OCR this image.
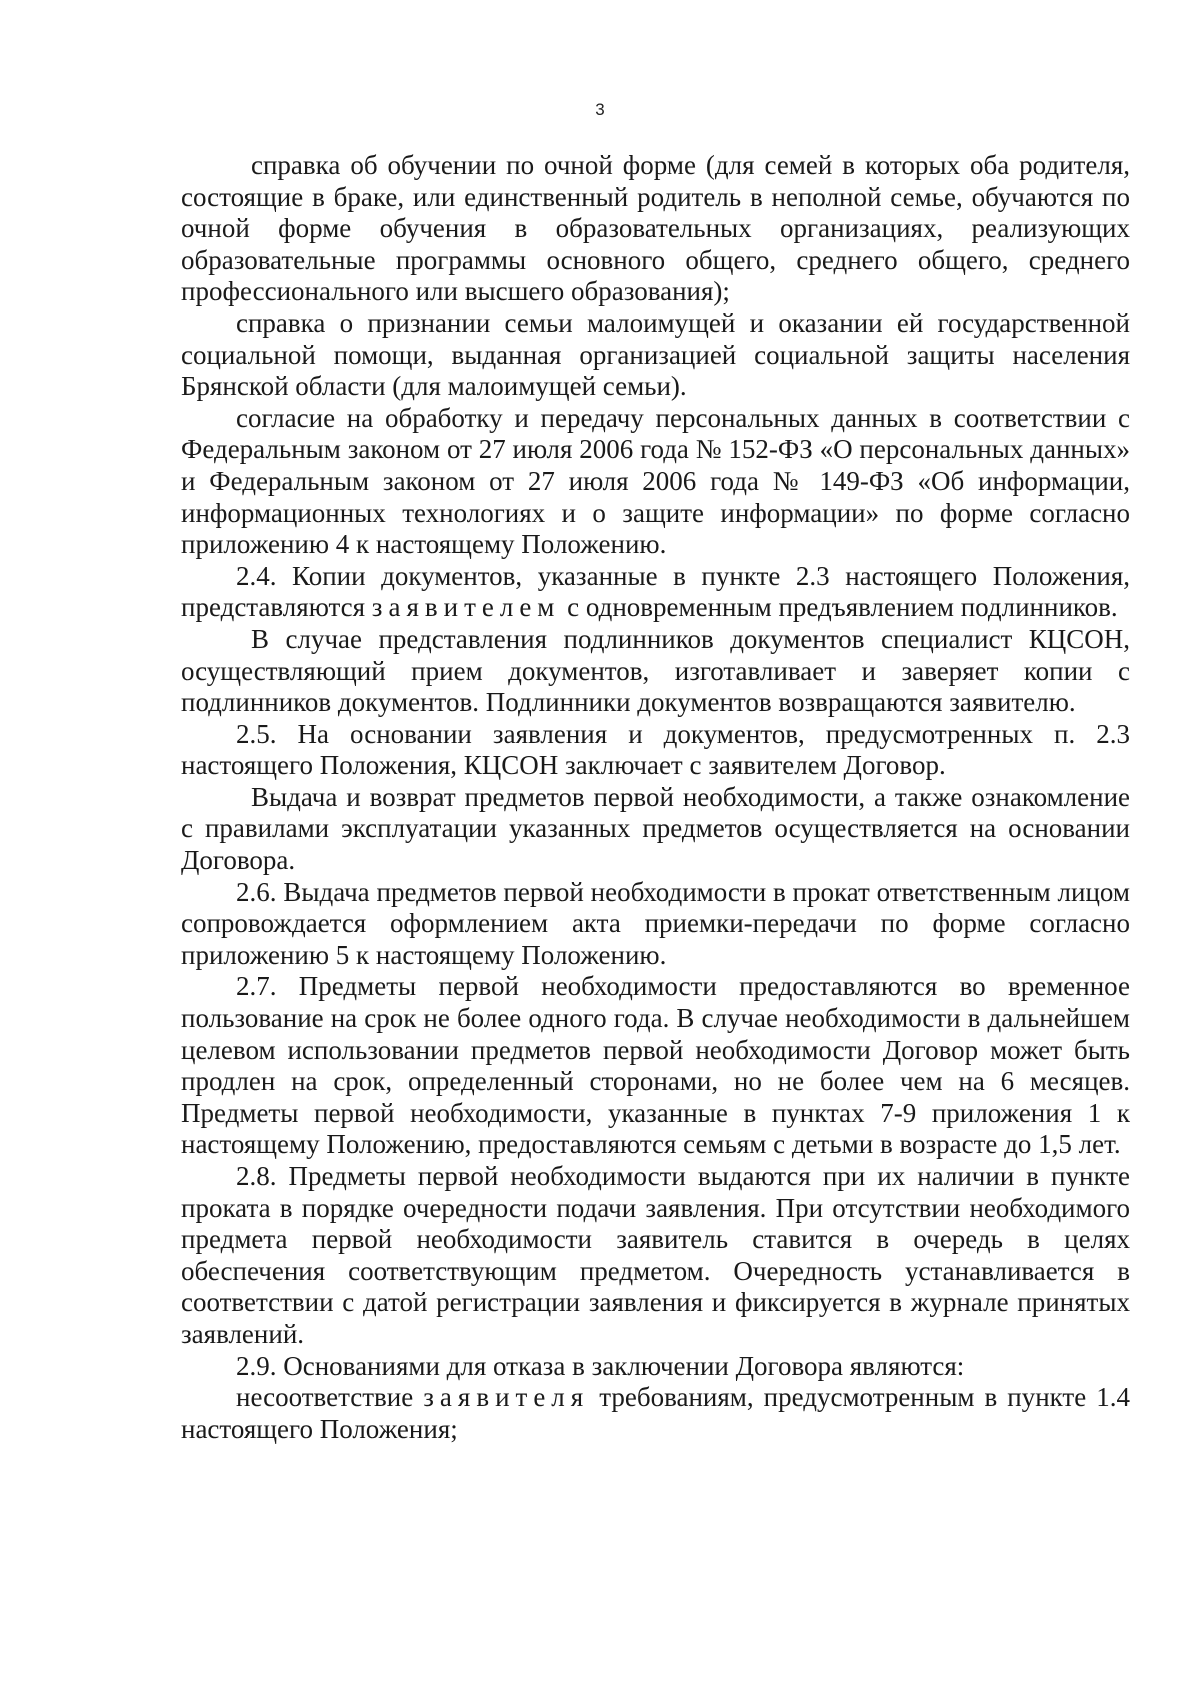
3

справка об обучении по очной форме (для семей в которых оба родителя, состоящие в браке, или единственный родитель в неполной семье, обучаются по очной форме обучения в образовательных организациях, реализующих образовательные программы основного общего, среднего общего, среднего профессионального или высшего образования);

справка о признании семьи малоимущей и оказании ей государственной социальной помощи, выданная организацией социальной защиты населения Брянской области (для малоимущей семьи).

согласие на обработку и передачу персональных данных в соответствии с Федеральным законом от 27 июля 2006 года № 152-ФЗ «О персональных данных» и Федеральным законом от 27 июля 2006 года № 149-ФЗ «Об информации, информационных технологиях и о защите информации» по форме согласно приложению 4 к настоящему Положению.

2.4. Копии документов, указанные в пункте 2.3 настоящего Положения, представляются заявителем с одновременным предъявлением подлинников.

В случае представления подлинников документов специалист КЦСОН, осуществляющий прием документов, изготавливает и заверяет копии с подлинников документов. Подлинники документов возвращаются заявителю.

2.5. На основании заявления и документов, предусмотренных п. 2.3 настоящего Положения, КЦСОН заключает с заявителем Договор.

Выдача и возврат предметов первой необходимости, а также ознакомление с правилами эксплуатации указанных предметов осуществляется на основании Договора.

2.6. Выдача предметов первой необходимости в прокат ответственным лицом сопровождается оформлением акта приемки-передачи по форме согласно приложению 5 к настоящему Положению.

2.7. Предметы первой необходимости предоставляются во временное пользование на срок не более одного года. В случае необходимости в дальнейшем целевом использовании предметов первой необходимости Договор может быть продлен на срок, определенный сторонами, но не более чем на 6 месяцев. Предметы первой необходимости, указанные в пунктах 7-9 приложения 1 к настоящему Положению, предоставляются семьям с детьми в возрасте до 1,5 лет.

2.8. Предметы первой необходимости выдаются при их наличии в пункте проката в порядке очередности подачи заявления. При отсутствии необходимого предмета первой необходимости заявитель ставится в очередь в целях обеспечения соответствующим предметом. Очередность устанавливается в соответствии с датой регистрации заявления и фиксируется в журнале принятых заявлений.

2.9. Основаниями для отказа в заключении Договора являются:

несоответствие заявителя требованиям, предусмотренным в пункте 1.4 настоящего Положения;
